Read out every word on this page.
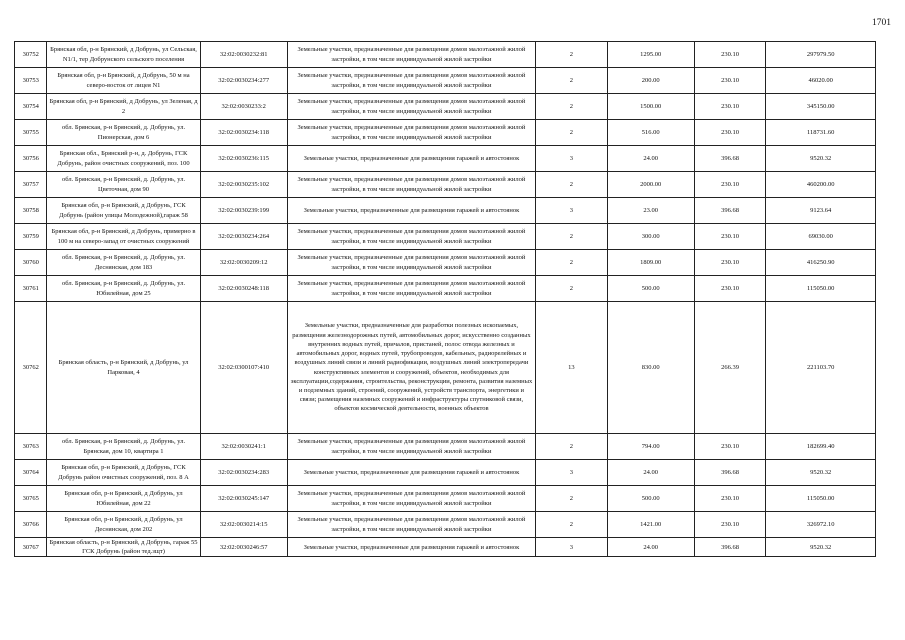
1701
30752	Брянская обл, р-н Брянский, д Добрунь, ул Сельская, N1/1, тер Добрунского сельского поселения	32:02:0030232:81	Земельные участки, предназначенные для размещения домов малоэтажной жилой застройки, в том числе индивидуальной жилой застройки	2	1295.00	230.10	297979.50
30753	Брянская обл, р-н Брянский, д Добрунь, 50 м на северо-восток от лицея N1	32:02:0030234:277	Земельные участки, предназначенные для размещения домов малоэтажной жилой застройки, в том числе индивидуальной жилой застройки	2	200.00	230.10	46020.00
30754	Брянская обл, р-н Брянский, д Добрунь, ул Зеленая, д 2	32:02:0030233:2	Земельные участки, предназначенные для размещения домов малоэтажной жилой застройки, в том числе индивидуальной жилой застройки	2	1500.00	230.10	345150.00
30755	обл. Брянская, р-н Брянский, д. Добрунь, ул. Пионерская, дом 6	32:02:0030234:118	Земельные участки, предназначенные для размещения домов малоэтажной жилой застройки, в том числе индивидуальной жилой застройки	2	516.00	230.10	118731.60
30756	Брянская обл., Брянский р-н, д. Добрунь, ГСК Добрунь, район очистных сооружений, поз. 100	32:02:0030236:115	Земельные участки, предназначенные для размещения гаражей и автостоянок	3	24.00	396.68	9520.32
30757	обл. Брянская, р-н Брянский, д. Добрунь, ул. Цветочная, дом 90	32:02:0030235:102	Земельные участки, предназначенные для размещения домов малоэтажной жилой застройки, в том числе индивидуальной жилой застройки	2	2000.00	230.10	460200.00
30758	Брянская обл, р-н Брянский, д Добрунь, ГСК Добрунь (район улицы Молодежной),гараж 58	32:02:0030239:199	Земельные участки, предназначенные для размещения гаражей и автостоянок	3	23.00	396.68	9123.64
30759	Брянская обл, р-н Брянский, д Добрунь, примерно в 100 м на северо-запад от очистных сооружений	32:02:0030234:264	Земельные участки, предназначенные для размещения домов малоэтажной жилой застройки, в том числе индивидуальной жилой застройки	2	300.00	230.10	69030.00
30760	обл. Брянская, р-н Брянский, д. Добрунь, ул. Деснянская, дом 183	32:02:0030209:12	Земельные участки, предназначенные для размещения домов малоэтажной жилой застройки, в том числе индивидуальной жилой застройки	2	1809.00	230.10	416250.90
30761	обл. Брянская, р-н Брянский, д. Добрунь, ул. Юбилейная, дом 25	32:02:0030248:118	Земельные участки, предназначенные для размещения домов малоэтажной жилой застройки, в том числе индивидуальной жилой застройки	2	500.00	230.10	115050.00
30762	Брянская область, р-н Брянский, д Добрунь, ул Парковая, 4	32:02:0300107:410	Земельные участки, предназначенные для разработки полезных ископаемых, размещения железнодорожных путей, автомобильных дорог, искусственно созданных внутренних водных путей, причалов, пристаней, полос отвода железных и автомобильных дорог, водных путей, трубопроводов, кабельных, радиорелейных и воздушных линий связи и линий радиофикации, воздушных линий электропередачи конструктивных элементов и сооружений, объектов, необходимых для эксплуатации,содержания, строительства, реконструкции, ремонта, развития наземных и подземных зданий, строений, сооружений, устройств транспорта, энергетики и связи; размещения наземных сооружений и инфраструктуры спутниковой связи, объектов космической деятельности, военных объектов	13	830.00	266.39	221103.70
30763	обл. Брянская, р-н Брянский, д. Добрунь, ул. Брянская, дом 10, квартира 1	32:02:0030241:1	Земельные участки, предназначенные для размещения домов малоэтажной жилой застройки, в том числе индивидуальной жилой застройки	2	794.00	230.10	182699.40
30764	Брянская обл, р-н Брянский, д Добрунь, ГСК Добрунь район очистных сооружений, поз. 8 А	32:02:0030234:283	Земельные участки, предназначенные для размещения гаражей и автостоянок	3	24.00	396.68	9520.32
30765	Брянская обл, р-н Брянский, д Добрунь, ул Юбилейная, дом 22	32:02:0030245:147	Земельные участки, предназначенные для размещения домов малоэтажной жилой застройки, в том числе индивидуальной жилой застройки	2	500.00	230.10	115050.00
30766	Брянская обл, р-н Брянский, д Добрунь, ул Деснянская, дом 202	32:02:0030214:15	Земельные участки, предназначенные для размещения домов малоэтажной жилой застройки, в том числе индивидуальной жилой застройки	2	1421.00	230.10	326972.10
30767	Брянская область, р-н Брянский, д Добрунь, гараж 55 ГСК Добрунь (район тед.зщт)	32:02:0030246:57	Земельные участки, предназначенные для размещения гаражей и автостоянок	3	24.00	396.68	9520.32
